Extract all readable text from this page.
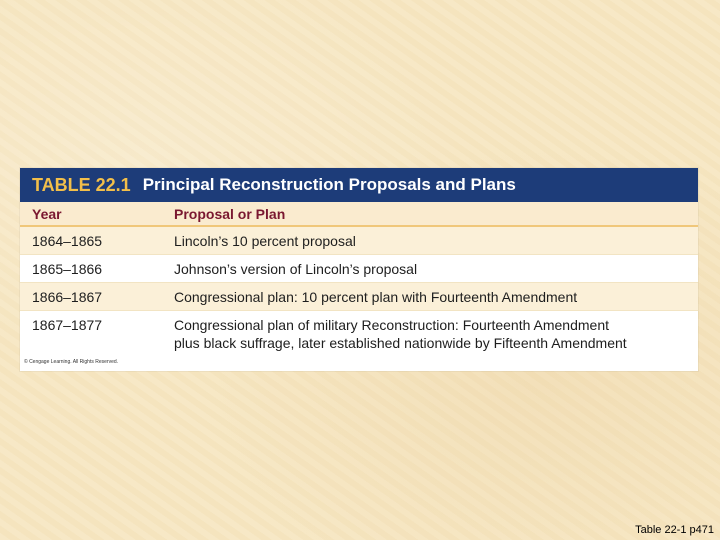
TABLE 22.1 Principal Reconstruction Proposals and Plans
Year	Proposal or Plan
1864–1865	Lincoln’s 10 percent proposal
1865–1866	Johnson’s version of Lincoln’s proposal
1866–1867	Congressional plan: 10 percent plan with Fourteenth Amendment
1867–1877	Congressional plan of military Reconstruction: Fourteenth Amendment
plus black suffrage, later established nationwide by Fifteenth Amendment
© Cengage Learning. All Rights Reserved.
Table 22-1 p471
